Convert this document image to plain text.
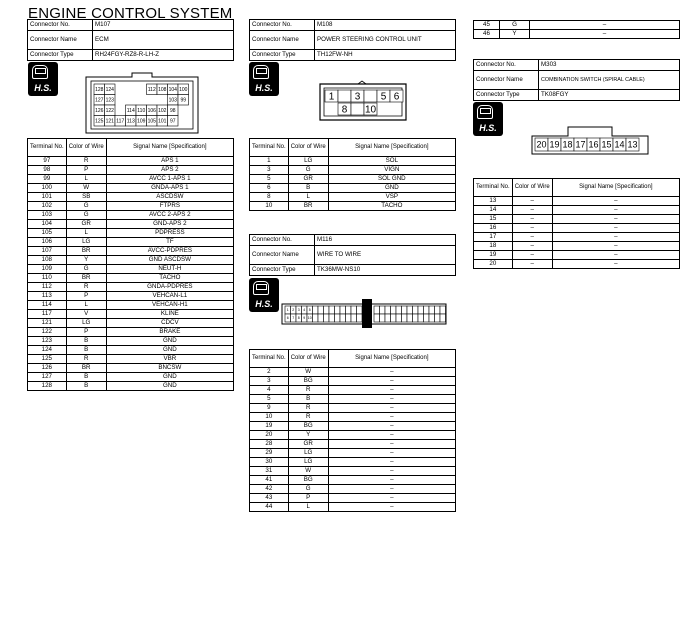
ENGINE CONTROL SYSTEM
Connector No.	M107
Connector Name	ECM
Connector Type	RH24FGY-RZ8-R-LH-Z
H.S.	128 124	112 108 104 100
127 123	103 99
126 122	114 110 106 102 98
125 121 117 113 109 105 101 97
Terminal No.	Color of Wire	Signal Name [Specification]
97	R	APS 1
98	P	APS 2
99	L	AVCC 1-APS 1
100	W	GNDA-APS 1
101	SB	ASCDSW
102	G	FTPRS
103	G	AVCC 2-APS 2
104	GR	GND-APS 2
105	L	PDPRESS
106	LG	TF
107	BR	AVCC-PDPRES
108	Y	GND ASCDSW
109	G	NEUT-H
110	BR	TACHO
112	R	GNDA-PDPRES
113	P	VEHCAN-L1
114	L	VEHCAN-H1
117	V	KLINE
121	LG	CDCV
122	P	BRAKE
123	B	GND
124	B	GND
125	R	VBR
126	BR	BNCSW
127	B	GND
128	B	GND
Connector No.	M108
Connector Name	POWER STEERING CONTROL UNIT
Connector Type	TH12FW-NH
H.S.
1 3 5 6
8 10
Terminal No.	Color of Wire	Signal Name [Specification]
1	LG	SOL
3	G	VIGN
5	GR	SOL GND
6	B	GND
8	L	VSP
10	BR	TACHO
Connector No.	M116
Connector Name	WIRE TO WIRE
Connector Type	TK36MW-NS10
H.S.
1
6
2
7
3
8
4
9
5
10
Terminal No.	Color of Wire	Signal Name [Specification]
2	W	–
3	BG	–
4	R	–
5	B	–
9	R	–
10	R	–
19	BG	–
20	Y	–
28	GR	–
29	LG	–
30	LG	–
31	W	–
41	BG	–
42	G	–
43	P	–
44	L	–
45	G	–
46	Y	–
Connector No.	M303
Connector Name	COMBINATION SWITCH (SPIRAL CABLE)
Connector Type	TK08FGY
H.S.
20 19 18 17 16 15 14 13
Terminal No.	Color of Wire	Signal Name [Specification]
13	–	–
14	–	–
15	–	–
16	–	–
17	–	–
18	–	–
19	–	–
20	–	–
